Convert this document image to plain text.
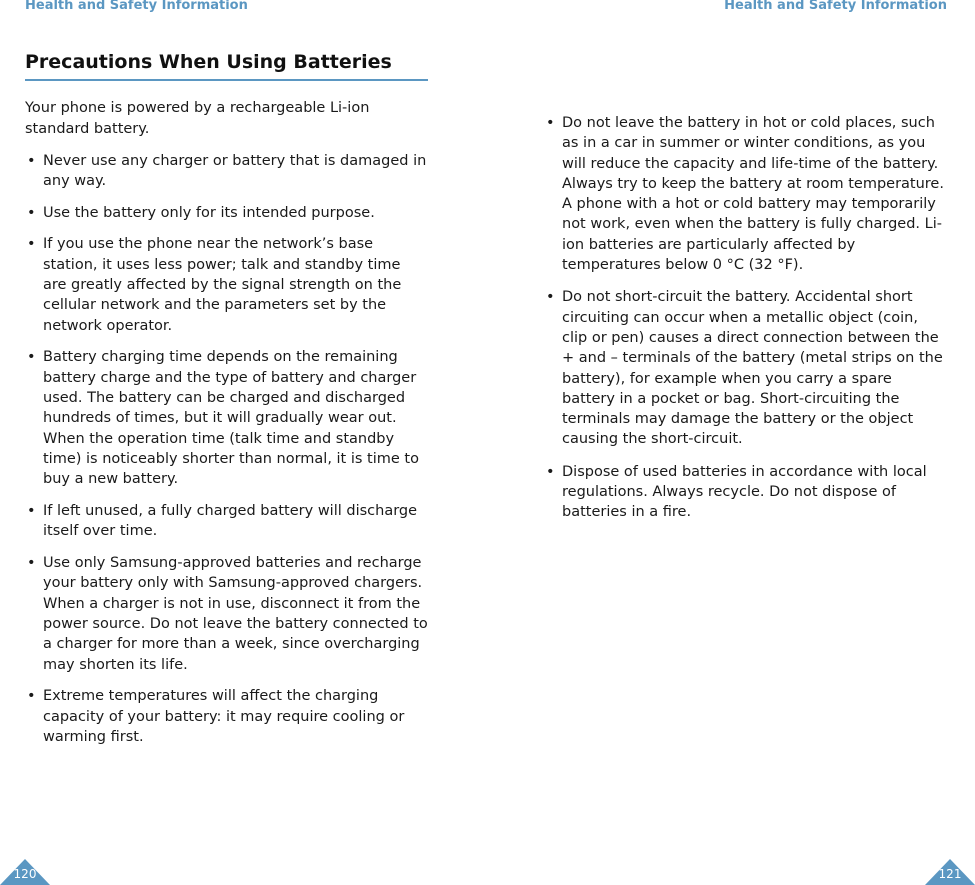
Health and Safety Information	Health and Safety Information
Precautions When Using Batteries

Your phone is powered by a rechargeable Li-ion standard battery.

• Never use any charger or battery that is damaged in any way.
• Use the battery only for its intended purpose.
• If you use the phone near the network’s base station, it uses less power; talk and standby time are greatly affected by the signal strength on the cellular network and the parameters set by the network operator.
• Battery charging time depends on the remaining battery charge and the type of battery and charger used. The battery can be charged and discharged hundreds of times, but it will gradually wear out. When the operation time (talk time and standby time) is noticeably shorter than normal, it is time to buy a new battery.
• If left unused, a fully charged battery will discharge itself over time.
• Use only Samsung-approved batteries and recharge your battery only with Samsung-approved chargers. When a charger is not in use, disconnect it from the power source. Do not leave the battery connected to a charger for more than a week, since overcharging may shorten its life.
• Extreme temperatures will affect the charging capacity of your battery: it may require cooling or warming first.
• Do not leave the battery in hot or cold places, such as in a car in summer or winter conditions, as you will reduce the capacity and life-time of the battery. Always try to keep the battery at room temperature. A phone with a hot or cold battery may temporarily not work, even when the battery is fully charged. Li-ion batteries are particularly affected by temperatures below 0 °C (32 °F).
• Do not short-circuit the battery. Accidental short circuiting can occur when a metallic object (coin, clip or pen) causes a direct connection between the + and – terminals of the battery (metal strips on the battery), for example when you carry a spare battery in a pocket or bag. Short-circuiting the terminals may damage the battery or the object causing the short-circuit.
• Dispose of used batteries in accordance with local regulations. Always recycle. Do not dispose of batteries in a fire.
120	121
